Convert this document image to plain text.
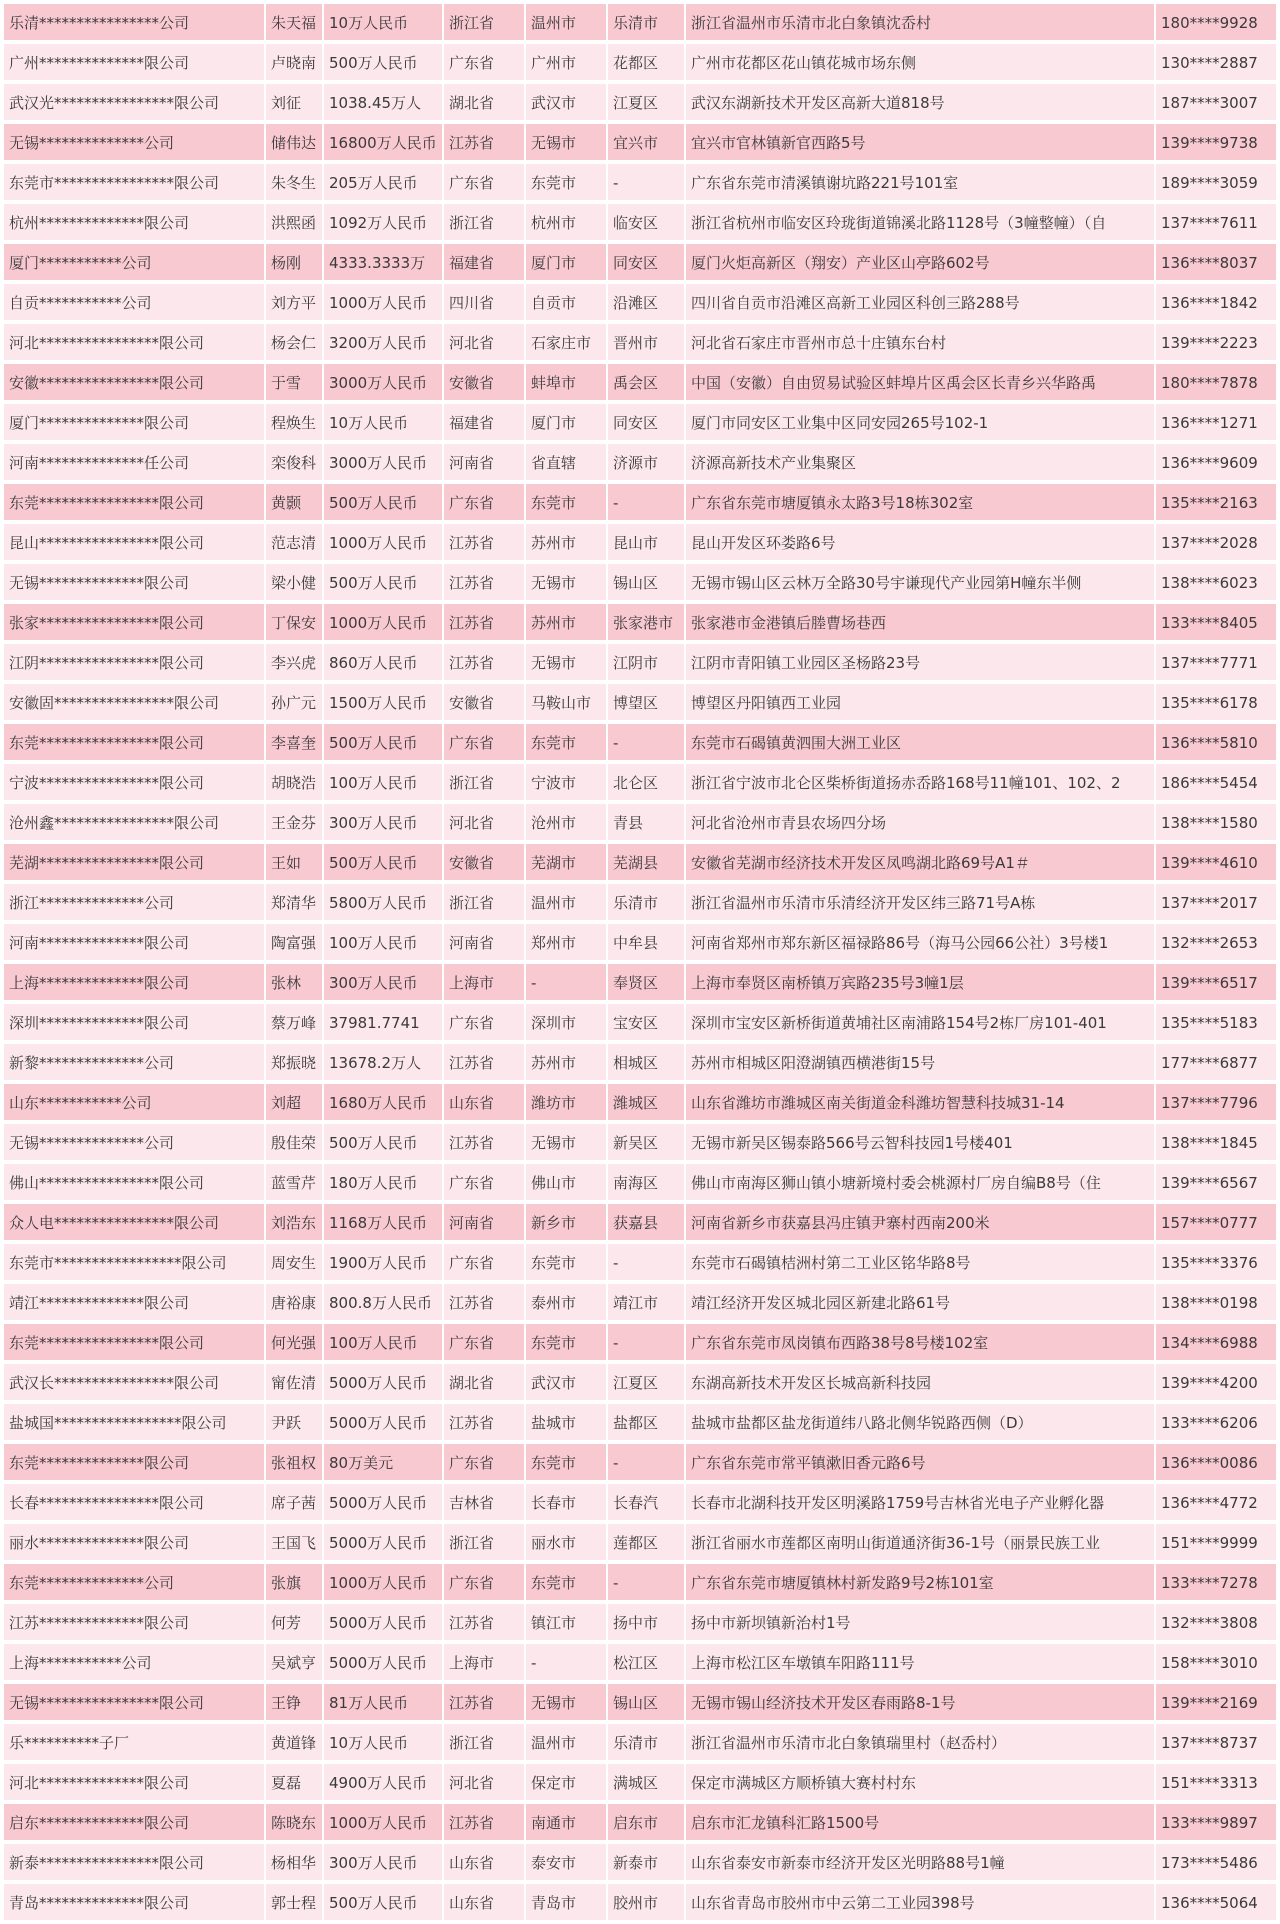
乐清****************公司	朱天福 10万人民币	浙江省	温州市	乐清市	浙江省温州市乐清市北白象镇沈岙村	180****9928
广州**************限公司	卢晓南 500万人民币	广东省	广州市	花都区	广州市花都区花山镇花城市场东侧	130****2887
武汉光****************限公司	刘征	1038.45万人	湖北省	武汉市	江夏区	武汉东湖新技术开发区高新大道818号	187****3007
无锡**************公司	储伟达 16800万人民币 江苏省	无锡市	宜兴市	宜兴市官林镇新官西路5号	139****9738
东莞市****************限公司	朱冬生 205万人民币	广东省	东莞市	-	广东省东莞市清溪镇谢坑路221号101室	189****3059
杭州**************限公司	洪熙函 1092万人民币	浙江省	杭州市	临安区	浙江省杭州市临安区玲珑街道锦溪北路1128号（3幢整幢）（自	137****7611
厦门***********公司	杨刚	4333.3333万	福建省	厦门市	同安区	厦门火炬高新区（翔安）产业区山亭路602号	136****8037
自贡***********公司	刘方平 1000万人民币	四川省	自贡市	沿滩区	四川省自贡市沿滩区高新工业园区科创三路288号	136****1842
河北****************限公司	杨会仁 3200万人民币	河北省	石家庄市	晋州市	河北省石家庄市晋州市总十庄镇东台村	139****2223
安徽****************限公司	于雪	3000万人民币	安徽省	蚌埠市	禹会区	中国（安徽）自由贸易试验区蚌埠片区禹会区长青乡兴华路禹	180****7878
厦门**************限公司	程焕生 10万人民币	福建省	厦门市	同安区	厦门市同安区工业集中区同安园265号102-1	136****1271
河南**************任公司	栾俊科 3000万人民币	河南省	省直辖	济源市	济源高新技术产业集聚区	136****9609
东莞****************限公司	黄颢	500万人民币	广东省	东莞市	-	广东省东莞市塘厦镇永太路3号18栋302室	135****2163
昆山****************限公司	范志清 1000万人民币	江苏省	苏州市	昆山市	昆山开发区环娄路6号	137****2028
无锡**************限公司	梁小健 500万人民币	江苏省	无锡市	锡山区	无锡市锡山区云林万全路30号宇谦现代产业园第H幢东半侧	138****6023
张家****************限公司	丁保安 1000万人民币	江苏省	苏州市	张家港市	张家港市金港镇后塍曹场巷西	133****8405
江阴****************限公司	李兴虎 860万人民币	江苏省	无锡市	江阴市	江阴市青阳镇工业园区圣杨路23号	137****7771
安徽固****************限公司	孙广元 1500万人民币	安徽省	马鞍山市	博望区	博望区丹阳镇西工业园	135****6178
东莞****************限公司	李喜奎 500万人民币	广东省	东莞市	-	东莞市石碣镇黄泗围大洲工业区	136****5810
宁波****************限公司	胡晓浩 100万人民币	浙江省	宁波市	北仑区	浙江省宁波市北仑区柴桥街道扬赤岙路168号11幢101、102、2	186****5454
沧州鑫****************限公司	王金芬 300万人民币	河北省	沧州市	青县	河北省沧州市青县农场四分场	138****1580
芜湖****************限公司	王如	500万人民币	安徽省	芜湖市	芜湖县	安徽省芜湖市经济技术开发区凤鸣湖北路69号A1＃	139****4610
浙江**************公司	郑清华 5800万人民币	浙江省	温州市	乐清市	浙江省温州市乐清市乐清经济开发区纬三路71号A栋	137****2017
河南**************限公司	陶富强 100万人民币	河南省	郑州市	中牟县	河南省郑州市郑东新区福禄路86号（海马公园66公社）3号楼1	132****2653
上海**************限公司	张林	300万人民币	上海市	-	奉贤区	上海市奉贤区南桥镇万宾路235号3幢1层	139****6517
深圳**************限公司	蔡万峰 37981.7741	广东省	深圳市	宝安区	深圳市宝安区新桥街道黄埔社区南浦路154号2栋厂房101-401	135****5183
新黎**************公司	郑振晓 13678.2万人	江苏省	苏州市	相城区	苏州市相城区阳澄湖镇西横港街15号	177****6877
山东***********公司	刘超	1680万人民币	山东省	潍坊市	潍城区	山东省潍坊市潍城区南关街道金科潍坊智慧科技城31-14	137****7796
无锡**************公司	殷佳荣 500万人民币	江苏省	无锡市	新吴区	无锡市新吴区锡泰路566号云智科技园1号楼401	138****1845
佛山****************限公司	蓝雪芹 180万人民币	广东省	佛山市	南海区	佛山市南海区狮山镇小塘新境村委会桃源村厂房自编B8号（住	139****6567
众人电****************限公司	刘浩东 1168万人民币	河南省	新乡市	获嘉县	河南省新乡市获嘉县冯庄镇尹寨村西南200米	157****0777
东莞市*****************限公司	周安生 1900万人民币	广东省	东莞市	-	东莞市石碣镇桔洲村第二工业区铭华路8号	135****3376
靖江**************限公司	唐裕康 800.8万人民币	江苏省	泰州市	靖江市	靖江经济开发区城北园区新建北路61号	138****0198
东莞****************限公司	何光强 100万人民币	广东省	东莞市	-	广东省东莞市凤岗镇布西路38号8号楼102室	134****6988
武汉长****************限公司	甯佐清 5000万人民币	湖北省	武汉市	江夏区	东湖高新技术开发区长城高新科技园	139****4200
盐城国*****************限公司	尹跃	5000万人民币	江苏省	盐城市	盐都区	盐城市盐都区盐龙街道纬八路北侧华锐路西侧（D）	133****6206
东莞**************限公司	张祖权 80万美元	广东省	东莞市	-	广东省东莞市常平镇漱旧香元路6号	136****0086
长春****************限公司	席子茜 5000万人民币	吉林省	长春市	长春汽	长春市北湖科技开发区明溪路1759号吉林省光电子产业孵化器	136****4772
丽水**************限公司	王国飞 5000万人民币	浙江省	丽水市	莲都区	浙江省丽水市莲都区南明山街道通济街36-1号（丽景民族工业	151****9999
东莞**************公司	张旗	1000万人民币	广东省	东莞市	-	广东省东莞市塘厦镇林村新发路9号2栋101室	133****7278
江苏**************限公司	何芳	5000万人民币	江苏省	镇江市	扬中市	扬中市新坝镇新治村1号	132****3808
上海***********公司	吴斌亨 5000万人民币	上海市	-	松江区	上海市松江区车墩镇车阳路111号	158****3010
无锡****************限公司	王铮	81万人民币	江苏省	无锡市	锡山区	无锡市锡山经济技术开发区春雨路8-1号	139****2169
乐**********子厂	黄道锋 10万人民币	浙江省	温州市	乐清市	浙江省温州市乐清市北白象镇瑞里村（赵岙村）	137****8737
河北**************限公司	夏磊	4900万人民币	河北省	保定市	满城区	保定市满城区方顺桥镇大赛村村东	151****3313
启东**************限公司	陈晓东 1000万人民币	江苏省	南通市	启东市	启东市汇龙镇科汇路1500号	133****9897
新泰****************限公司	杨相华 300万人民币	山东省	泰安市	新泰市	山东省泰安市新泰市经济开发区光明路88号1幢	173****5486
青岛**************限公司	郭士程 500万人民币	山东省	青岛市	胶州市	山东省青岛市胶州市中云第二工业园398号	136****5064
